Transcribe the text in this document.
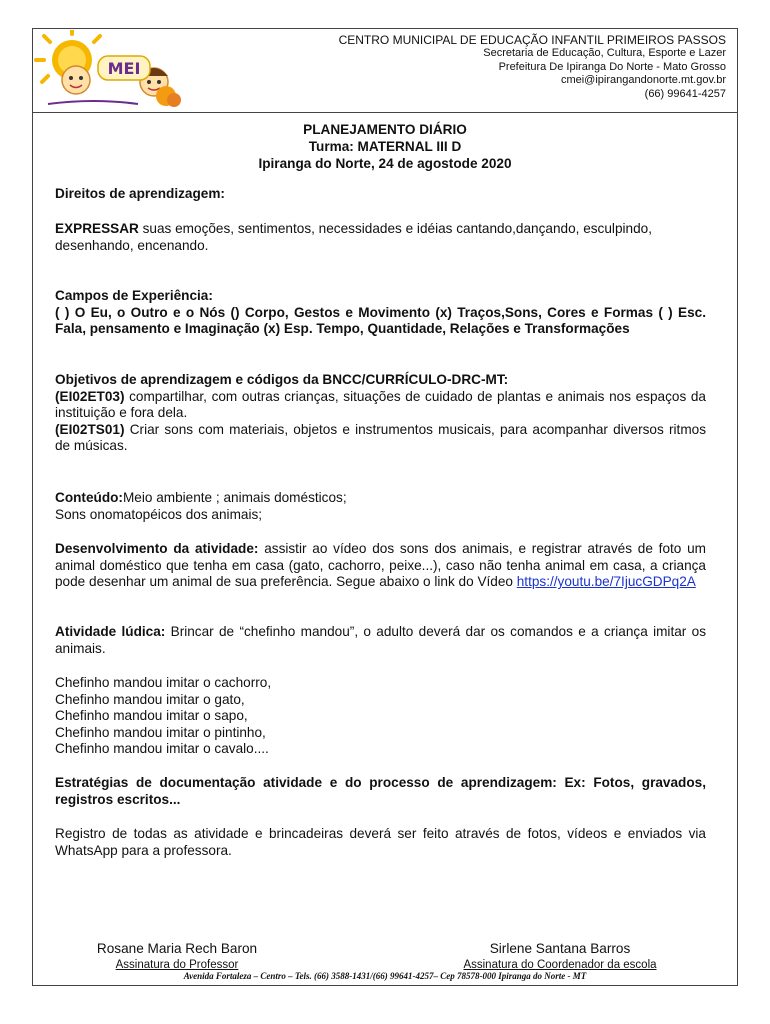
MEI
CENTRO MUNICIPAL DE EDUCAÇÃO INFANTIL PRIMEIROS PASSOS
Secretaria de Educação, Cultura, Esporte e Lazer
Prefeitura De Ipiranga Do Norte - Mato Grosso
cmei@ipirangandonorte.mt.gov.br
(66) 99641-4257
PLANEJAMENTO DIÁRIO
Turma: MATERNAL III D
Ipiranga do Norte, 24 de agostode 2020
Direitos de aprendizagem:
EXPRESSAR suas emoções, sentimentos, necessidades e idéias cantando,dançando, esculpindo, desenhando, encenando.
Campos de Experiência:
( ) O Eu, o Outro e o Nós () Corpo, Gestos e Movimento (x) Traços,Sons, Cores e Formas ( ) Esc. Fala, pensamento e Imaginação (x) Esp. Tempo, Quantidade, Relações e Transformações
Objetivos de aprendizagem e códigos da BNCC/CURRÍCULO-DRC-MT:
(EI02ET03) compartilhar, com outras crianças, situações de cuidado de plantas e animais nos espaços da instituição e fora dela.
(EI02TS01) Criar sons com materiais, objetos e instrumentos musicais, para acompanhar diversos ritmos de músicas.
Conteúdo:Meio ambiente ; animais domésticos;
Sons onomatopéicos dos animais;
Desenvolvimento da atividade: assistir ao vídeo dos sons dos animais, e registrar através de foto um animal doméstico que tenha em casa (gato, cachorro, peixe...), caso não tenha animal em casa, a criança pode desenhar um animal de sua preferência. Segue abaixo o link do Vídeo https://youtu.be/7IjucGDPq2A
Atividade lúdica: Brincar de “chefinho mandou”, o adulto deverá dar os comandos e a criança imitar os animais.
Chefinho mandou imitar o cachorro,
Chefinho mandou imitar o gato,
Chefinho mandou imitar o sapo,
Chefinho mandou imitar o pintinho,
Chefinho mandou imitar o cavalo....
Estratégias de documentação atividade e do processo de aprendizagem: Ex: Fotos, gravados, registros escritos...
Registro de todas as atividade e brincadeiras deverá ser feito através de fotos, vídeos e enviados via WhatsApp para a professora.
Rosane Maria Rech Baron
Assinatura do Professor
Sirlene Santana Barros
Assinatura do Coordenador da escola
Avenida Fortaleza – Centro – Tels. (66) 3588-1431/(66) 99641-4257– Cep 78578-000 Ipiranga do Norte - MT
